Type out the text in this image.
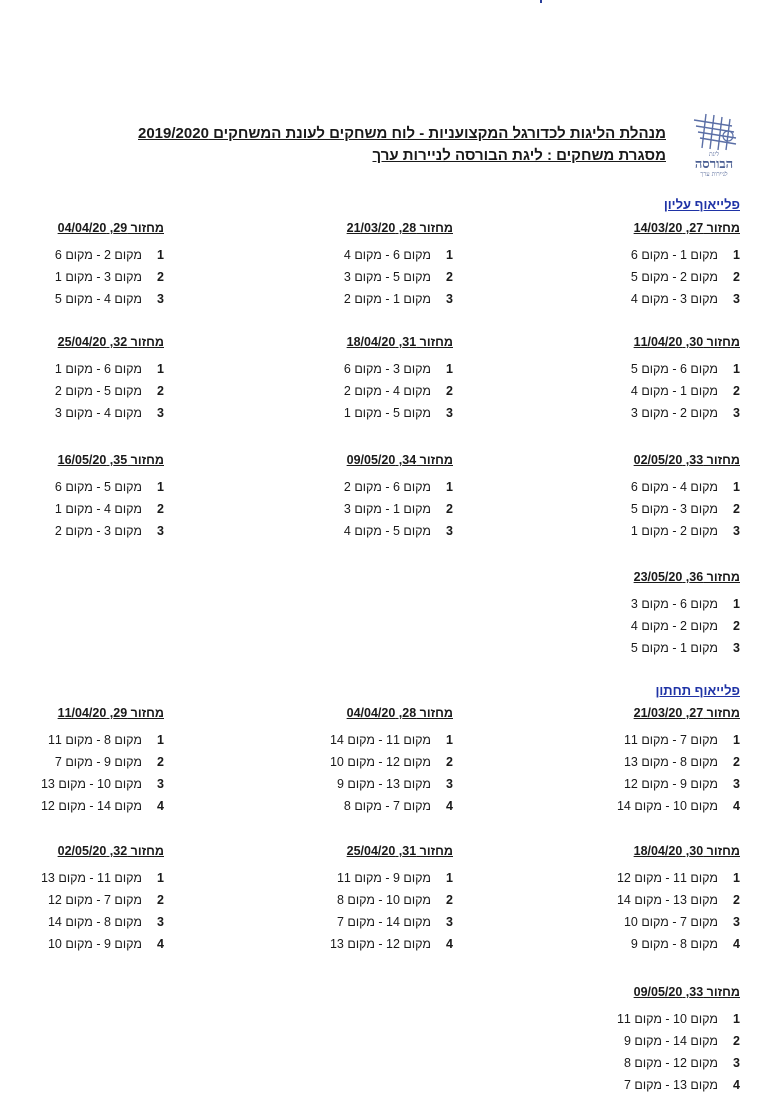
ליגת
הבורסה
לניירות ערך
מנהלת הליגות לכדורגל המקצועניות - לוח משחקים לעונת המשחקים 2019/2020
מסגרת משחקים : ליגת הבורסה לניירות ערך
פלייאוף עליון
מחזור 27, 14/03/20
1
מקום 1 - מקום 6
2
מקום 2 - מקום 5
3
מקום 3 - מקום 4
מחזור 28, 21/03/20
1
מקום 6 - מקום 4
2
מקום 5 - מקום 3
3
מקום 1 - מקום 2
מחזור 29, 04/04/20
1
מקום 2 - מקום 6
2
מקום 3 - מקום 1
3
מקום 4 - מקום 5
מחזור 30, 11/04/20
1
מקום 6 - מקום 5
2
מקום 1 - מקום 4
3
מקום 2 - מקום 3
מחזור 31, 18/04/20
1
מקום 3 - מקום 6
2
מקום 4 - מקום 2
3
מקום 5 - מקום 1
מחזור 32, 25/04/20
1
מקום 6 - מקום 1
2
מקום 5 - מקום 2
3
מקום 4 - מקום 3
מחזור 33, 02/05/20
1
מקום 4 - מקום 6
2
מקום 3 - מקום 5
3
מקום 2 - מקום 1
מחזור 34, 09/05/20
1
מקום 6 - מקום 2
2
מקום 1 - מקום 3
3
מקום 5 - מקום 4
מחזור 35, 16/05/20
1
מקום 5 - מקום 6
2
מקום 4 - מקום 1
3
מקום 3 - מקום 2
מחזור 36, 23/05/20
1
מקום 6 - מקום 3
2
מקום 2 - מקום 4
3
מקום 1 - מקום 5
פלייאוף תחתון
מחזור 27, 21/03/20
1
מקום 7 - מקום 11
2
מקום 8 - מקום 13
3
מקום 9 - מקום 12
4
מקום 10 - מקום 14
מחזור 28, 04/04/20
1
מקום 11 - מקום 14
2
מקום 12 - מקום 10
3
מקום 13 - מקום 9
4
מקום 7 - מקום 8
מחזור 29, 11/04/20
1
מקום 8 - מקום 11
2
מקום 9 - מקום 7
3
מקום 10 - מקום 13
4
מקום 14 - מקום 12
מחזור 30, 18/04/20
1
מקום 11 - מקום 12
2
מקום 13 - מקום 14
3
מקום 7 - מקום 10
4
מקום 8 - מקום 9
מחזור 31, 25/04/20
1
מקום 9 - מקום 11
2
מקום 10 - מקום 8
3
מקום 14 - מקום 7
4
מקום 12 - מקום 13
מחזור 32, 02/05/20
1
מקום 11 - מקום 13
2
מקום 7 - מקום 12
3
מקום 8 - מקום 14
4
מקום 9 - מקום 10
מחזור 33, 09/05/20
1
מקום 10 - מקום 11
2
מקום 14 - מקום 9
3
מקום 12 - מקום 8
4
מקום 13 - מקום 7
